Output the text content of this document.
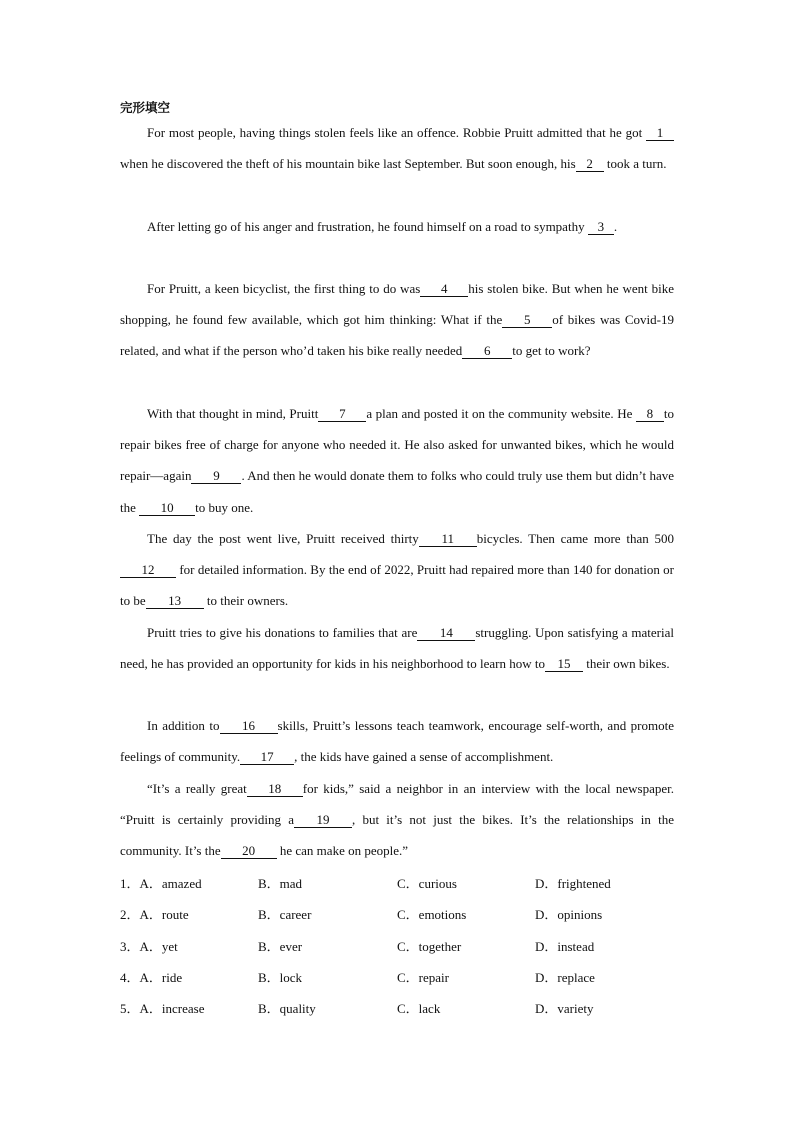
完形填空
For most people, having things stolen feels like an offence. Robbie Pruitt admitted that he got 1when he discovered the theft of his mountain bike last September. But soon enough, his 2 took a turn.
After letting go of his anger and frustration, he found himself on a road to sympathy 3 .
For Pruitt, a keen bicyclist, the first thing to do was 4 his stolen bike. But when he went bike shopping, he found few available, which got him thinking: What if the 5 of bikes was Covid-19 related, and what if the person who’d taken his bike really needed 6 to get to work?
With that thought in mind, Pruitt 7 a plan and posted it on the community website. He 8 to repair bikes free of charge for anyone who needed it. He also asked for unwanted bikes, which he would repair—again 9 . And then he would donate them to folks who could truly use them but didn’t have the 10 to buy one.
The day the post went live, Pruitt received thirty 11 bicycles. Then came more than 50012 for detailed information. By the end of 2022, Pruitt had repaired more than 140 for donation or to be 13 to their owners.
Pruitt tries to give his donations to families that are 14 struggling. Upon satisfying a material need, he has provided an opportunity for kids in his neighborhood to learn how to 15 their own bikes.
In addition to 16 skills, Pruitt’s lessons teach teamwork, encourage self-worth, and promote feelings of community. 17 , the kids have gained a sense of accomplishment.
“It’s a really great 18 for kids,” said a neighbor in an interview with the local newspaper. “Pruitt is certainly providing a 19 , but it’s not just the bikes. It’s the relationships in the community. It’s the 20 he can make on people.”
1．A．amazed	B．mad	C．curious	D．frightened
2．A．route	B．career	C．emotions	D．opinions
3．A．yet	B．ever	C．together	D．instead
4．A．ride	B．lock	C．repair	D．replace
5．A．increase	B．quality	C．lack	D．variety
